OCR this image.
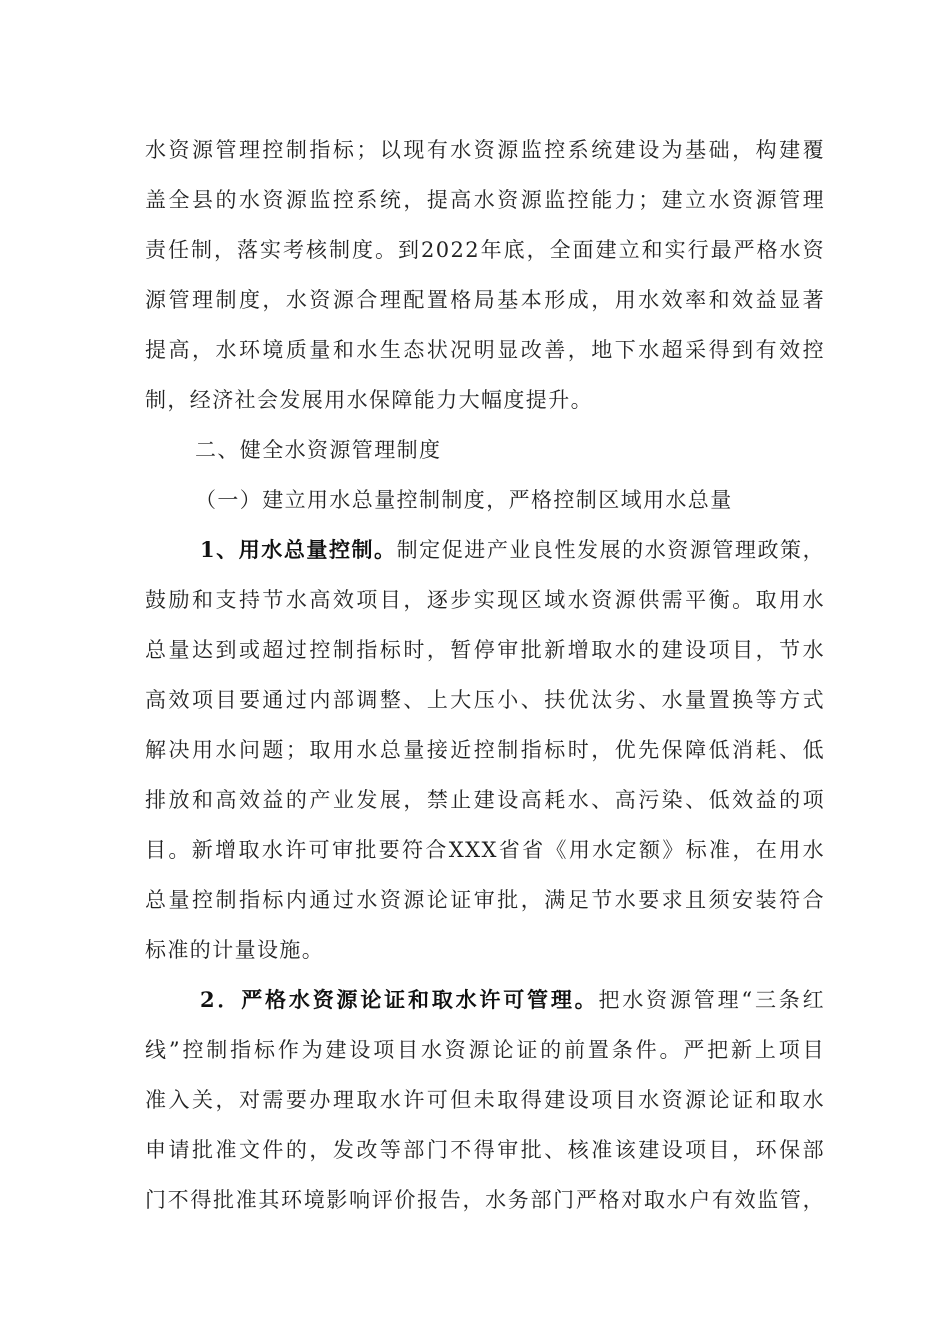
水资源管理控制指标；以现有水资源监控系统建设为基础，构建覆
盖全县的水资源监控系统，提高水资源监控能力；建立水资源管理
责任制，落实考核制度。到2022年底，全面建立和实行最严格水资
源管理制度，水资源合理配置格局基本形成，用水效率和效益显著
提高，水环境质量和水生态状况明显改善，地下水超采得到有效控
制，经济社会发展用水保障能力大幅度提升。
二、健全水资源管理制度
（一）建立用水总量控制制度，严格控制区域用水总量
1、用水总量控制。制定促进产业良性发展的水资源管理政策，
鼓励和支持节水高效项目，逐步实现区域水资源供需平衡。取用水
总量达到或超过控制指标时，暂停审批新增取水的建设项目，节水
高效项目要通过内部调整、上大压小、扶优汰劣、水量置换等方式
解决用水问题；取用水总量接近控制指标时，优先保障低消耗、低
排放和高效益的产业发展，禁止建设高耗水、高污染、低效益的项
目。新增取水许可审批要符合XXX省省《用水定额》标准，在用水
总量控制指标内通过水资源论证审批，满足节水要求且须安装符合
标准的计量设施。
2．严格水资源论证和取水许可管理。把水资源管理“三条红
线”控制指标作为建设项目水资源论证的前置条件。严把新上项目
准入关，对需要办理取水许可但未取得建设项目水资源论证和取水
申请批准文件的，发改等部门不得审批、核准该建设项目，环保部
门不得批准其环境影响评价报告，水务部门严格对取水户有效监管，
